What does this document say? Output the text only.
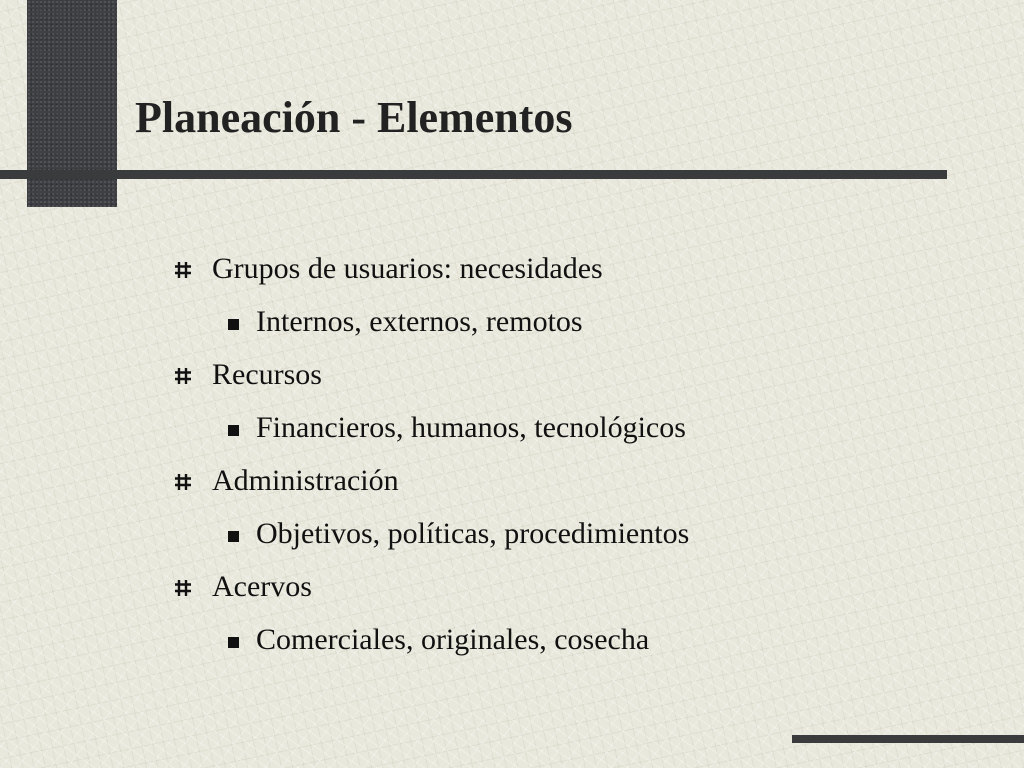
Planeación - Elementos
Grupos de usuarios: necesidades
Internos, externos, remotos
Recursos
Financieros, humanos, tecnológicos
Administración
Objetivos, políticas, procedimientos
Acervos
Comerciales, originales, cosecha
